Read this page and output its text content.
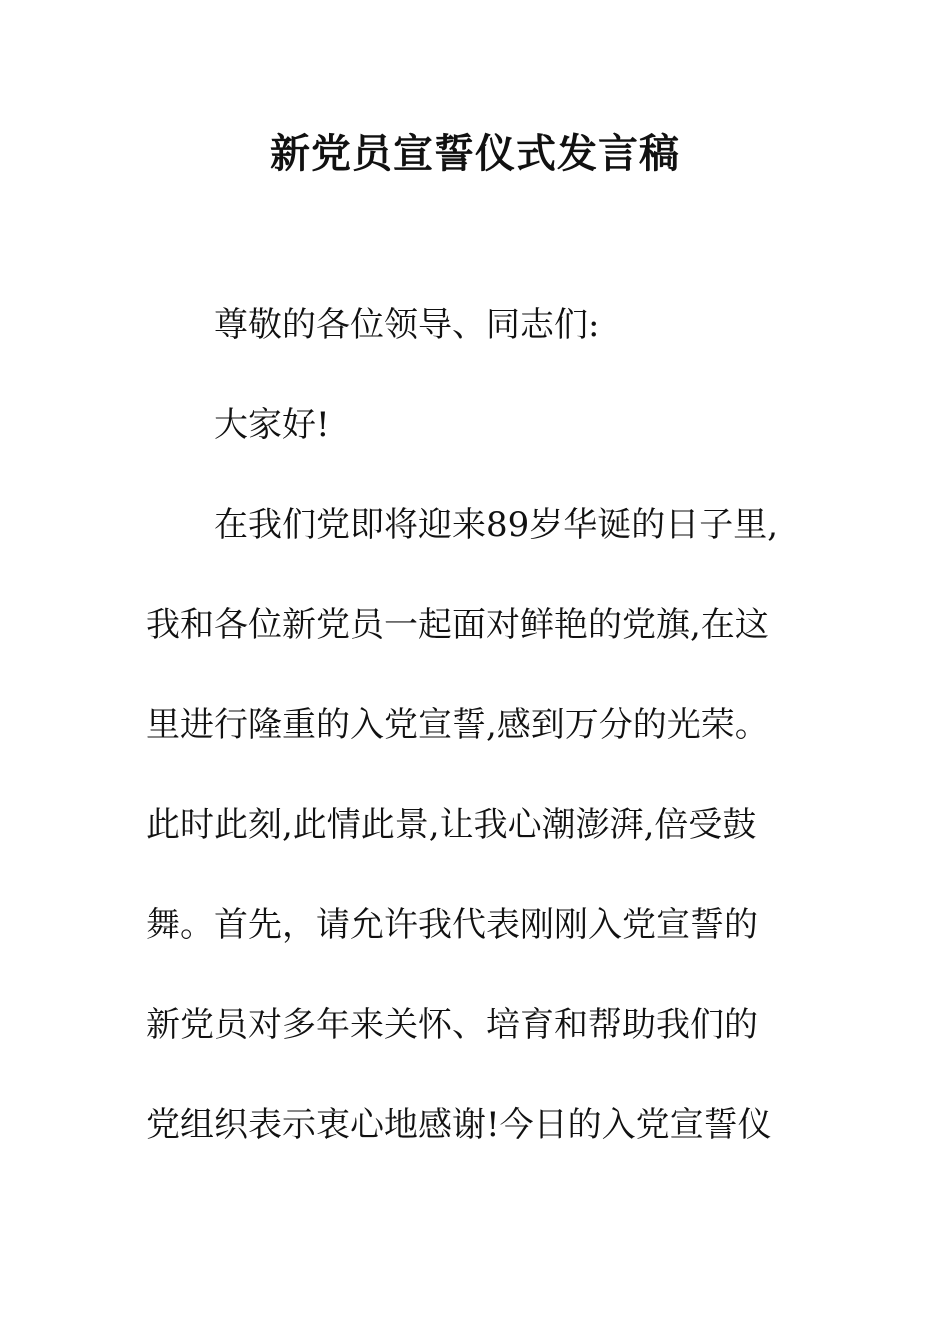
新党员宣誓仪式发言稿

尊敬的各位领导、同志们:

大家好!

在我们党即将迎来89岁华诞的日子里,

我和各位新党员一起面对鲜艳的党旗,在这

里进行隆重的入党宣誓,感到万分的光荣。

此时此刻,此情此景,让我心潮澎湃,倍受鼓

舞。首先，请允许我代表刚刚入党宣誓的

新党员对多年来关怀、培育和帮助我们的

党组织表示衷心地感谢!今日的入党宣誓仪
